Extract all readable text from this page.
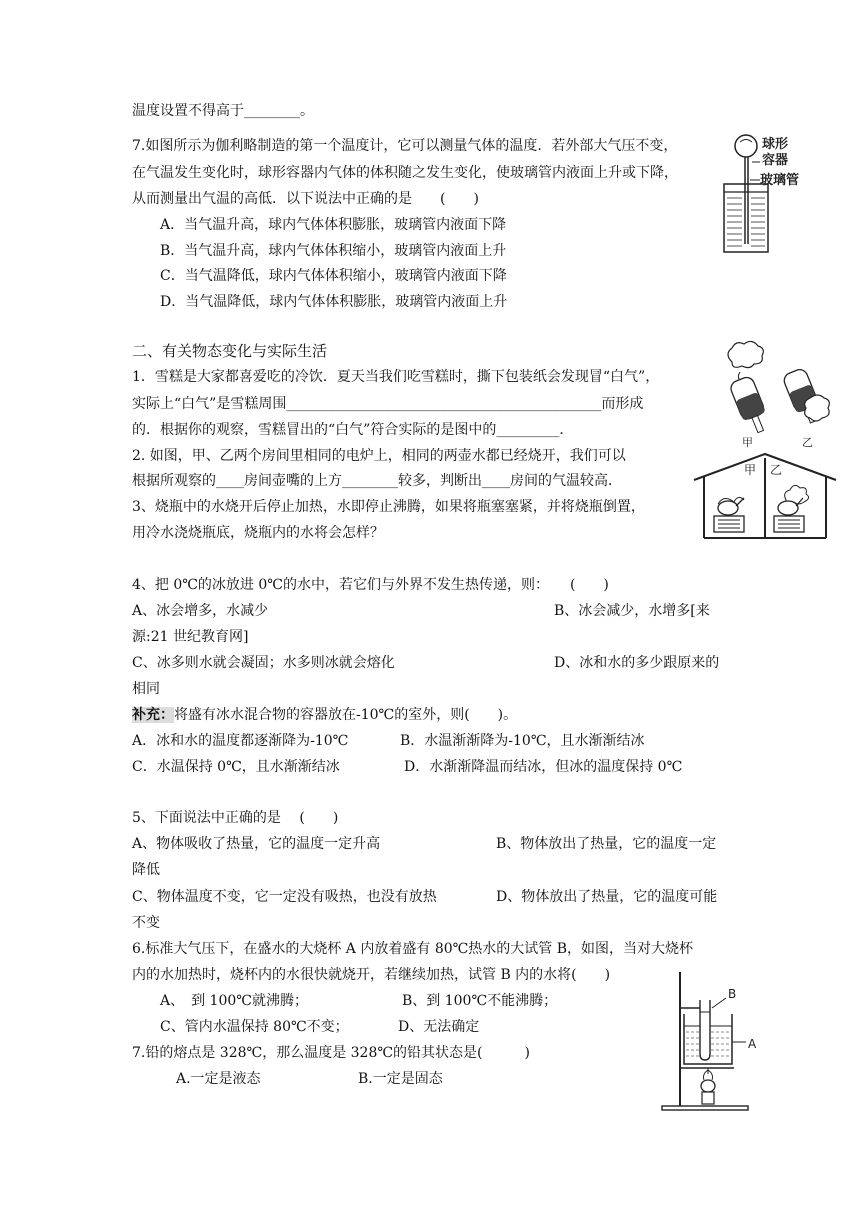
温度设置不得高于________。
7.如图所示为伽利略制造的第一个温度计，它可以测量气体的温度．若外部大气压不变，
在气温发生变化时，球形容器内气体的体积随之发生变化，使玻璃管内液面上升或下降，
从而测量出气温的高低．以下说法中正确的是　　(　　)
A．当气温升高，球内气体体积膨胀，玻璃管内液面下降
B．当气温升高，球内气体体积缩小，玻璃管内液面上升
C．当气温降低，球内气体体积缩小，玻璃管内液面下降
D．当气温降低，球内气体体积膨胀，玻璃管内液面上升
二、有关物态变化与实际生活
1．雪糕是大家都喜爱吃的冷饮．夏天当我们吃雪糕时，撕下包装纸会发现冒“白气”，
实际上“白气”是雪糕周围_____________________________________________而形成
的．根据你的观察，雪糕冒出的“白气”符合实际的是图中的_________．
2. 如图，甲、乙两个房间里相同的电炉上，相同的两壶水都已经烧开，我们可以
根据所观察的____房间壶嘴的上方________较多，判断出____房间的气温较高．
3、烧瓶中的水烧开后停止加热，水即停止沸腾，如果将瓶塞塞紧，并将烧瓶倒置，
用冷水浇烧瓶底，烧瓶内的水将会怎样？
4、把 0℃的冰放进 0℃的水中，若它们与外界不发生热传递，则：　　(　　)
A、冰会增多，水减少	B、冰会减少，水增多[来
源:21 世纪教育网]
C、冰多则水就会凝固；水多则冰就会熔化	D、冰和水的多少跟原来的
相同
补充：将盛有冰水混合物的容器放在-10℃的室外，则(　　)。
A．冰和水的温度都逐渐降为-10℃	B．水温渐渐降为-10℃，且水渐渐结冰
C．水温保持 0℃，且水渐渐结冰	D．水渐渐降温而结冰，但冰的温度保持 0℃
5、下面说法中正确的是　 (　　)
A、物体吸收了热量，它的温度一定升高	B、物体放出了热量，它的温度一定
降低
C、物体温度不变，它一定没有吸热，也没有放热	D、物体放出了热量，它的温度可能
不变
6.标准大气压下，在盛水的大烧杯 A 内放着盛有 80℃热水的大试管 B，如图，当对大烧杯
内的水加热时，烧杯内的水很快就烧开，若继续加热，试管 B 内的水将(　　)
A、　到 100℃就沸腾；	B、到 100℃不能沸腾；
C、管内水温保持 80℃不变；	D、无法确定
7.铅的熔点是 328℃，那么温度是 328℃的铅其状态是(　　　)
A.一定是液态	B.一定是固态
球形
容器
玻璃管
甲	乙
甲 乙
B
A
